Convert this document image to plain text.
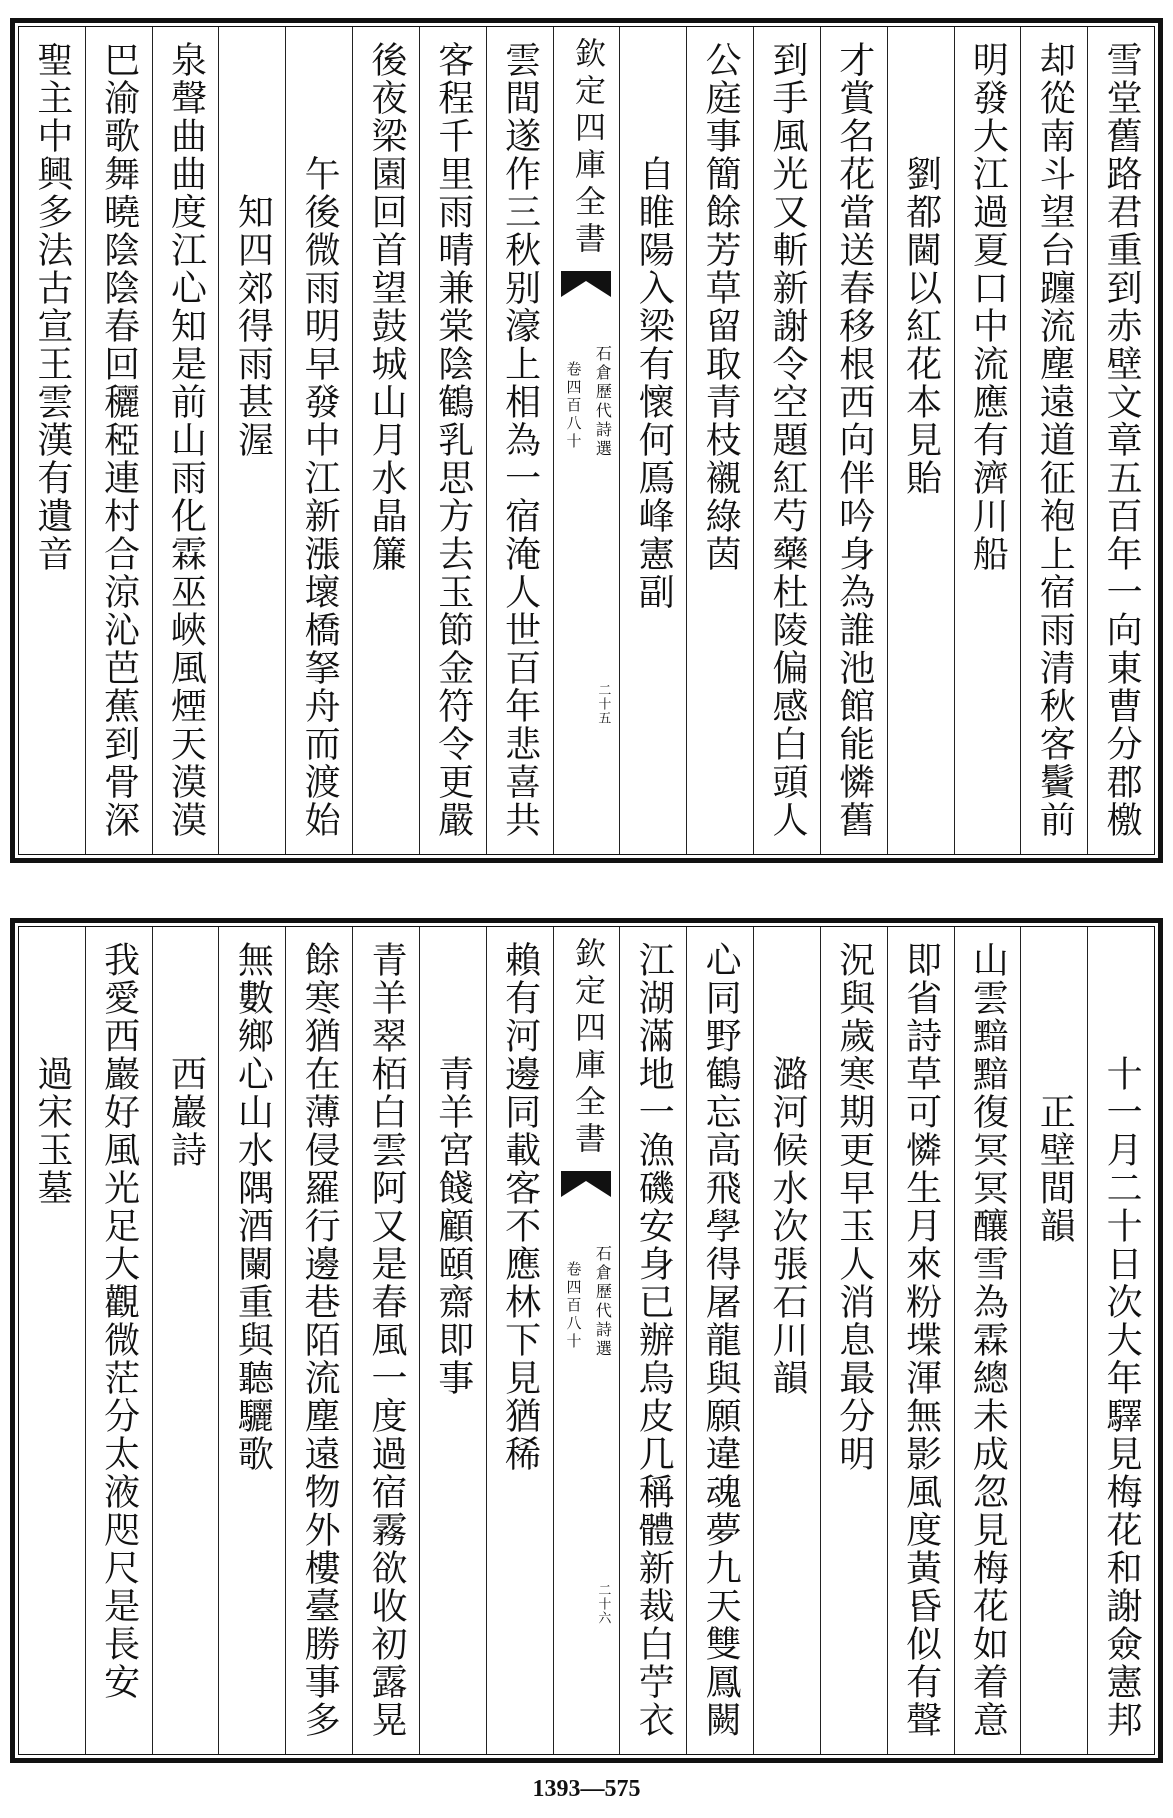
雪堂舊路君重到赤壁文章五百年一向東曹分郡檄
却從南斗望台躔流塵遠道征袍上宿雨清秋客鬢前
明發大江過夏口中流應有濟川船
劉都閫以紅花本見貽
才賞名花當送春移根西向伴吟身為誰池館能憐舊
到手風光又斬新謝令空題紅芍藥杜陵偏感白頭人
公庭事簡餘芳草留取青枝襯綠茵
自睢陽入梁有懷何鳫峰憲副
欽定四庫全書
石倉歷代詩選
卷四百八十
二十五
雲間遂作三秋别濠上相為一宿淹人世百年悲喜共
客程千里雨晴兼棠陰鶴乳思方去玉節金符令更嚴
後夜梁園回首望鼓城山月水晶簾
午後微雨明早發中江新漲壞橋拏舟而渡始
知四郊得雨甚渥
泉聲曲曲度江心知是前山雨化霖巫峽風煙天漠漠
巴渝歌舞曉陰陰春回穲稏連村合涼沁芭蕉到骨深
聖主中興多法古宣王雲漢有遺音
十一月二十日次大年驛見梅花和謝僉憲邦
正壁間韻
山雲黯黯復冥冥釀雪為霖總未成忽見梅花如着意
即省詩草可憐生月來粉堞渾無影風度黃昏似有聲
況與歲寒期更早玉人消息最分明
潞河候水次張石川韻
心同野鶴忘高飛學得屠龍與願違魂夢九天雙鳳闕
江湖滿地一漁磯安身已辦烏皮几稱體新裁白苧衣
欽定四庫全書
石倉歷代詩選
卷四百八十
二十六
賴有河邊同載客不應林下見猶稀
青羊宮餞顧頤齋即事
青羊翠栢白雲阿又是春風一度過宿霧欲收初露晃
餘寒猶在薄侵羅行邊巷陌流塵遠物外樓臺勝事多
無數鄉心山水隅酒闌重與聽驪歌
西巖詩
我愛西巖好風光足大觀微茫分太液咫尺是長安
過宋玉墓
1393—575
